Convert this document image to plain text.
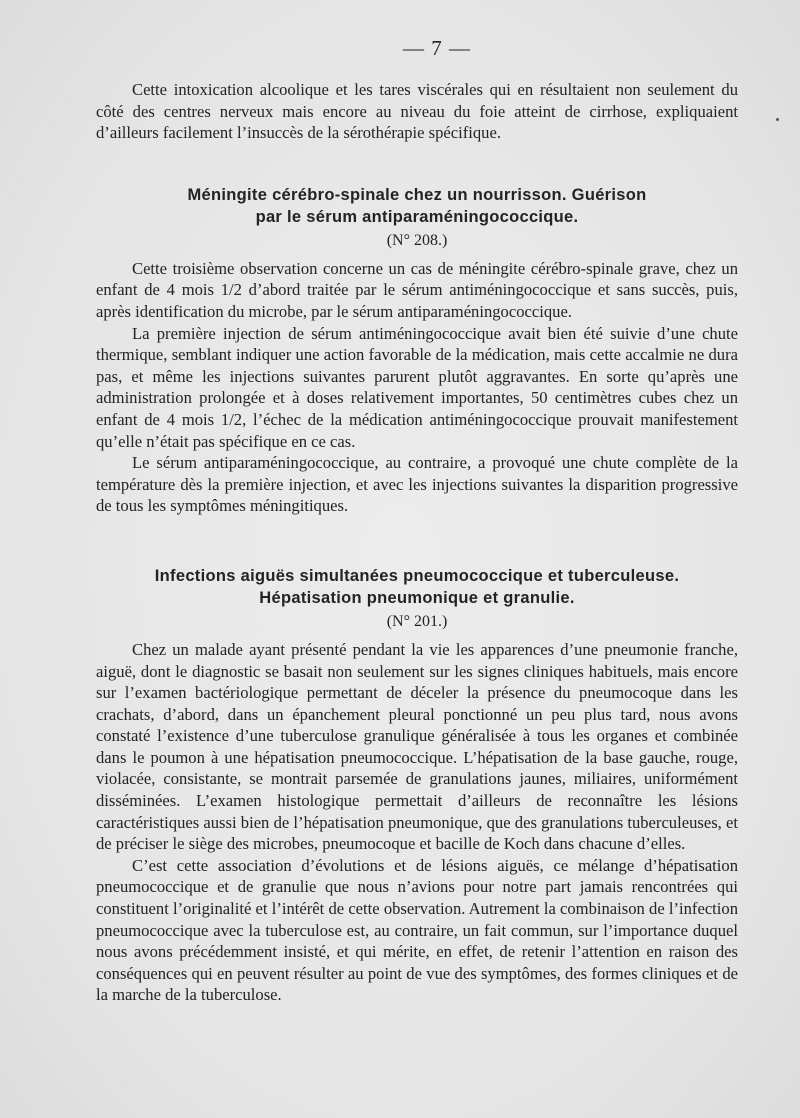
— 7 —

Cette intoxication alcoolique et les tares viscérales qui en résultaient non seulement du côté des centres nerveux mais encore au niveau du foie atteint de cirrhose, expliquaient d’ailleurs facilement l’insuccès de la sérothérapie spécifique.

Méningite cérébro-spinale chez un nourrisson. Guérison
par le sérum antiparaméningococcique.
(N° 208.)

Cette troisième observation concerne un cas de méningite cérébro-spinale grave, chez un enfant de 4 mois 1/2 d’abord traitée par le sérum antiméningococcique et sans succès, puis, après identification du microbe, par le sérum antiparaméningococcique.

La première injection de sérum antiméningococcique avait bien été suivie d’une chute thermique, semblant indiquer une action favorable de la médication, mais cette accalmie ne dura pas, et même les injections suivantes parurent plutôt aggravantes. En sorte qu’après une administration prolongée et à doses relativement importantes, 50 centimètres cubes chez un enfant de 4 mois 1/2, l’échec de la médication antiméningococcique prouvait manifestement qu’elle n’était pas spécifique en ce cas.

Le sérum antiparaméningococcique, au contraire, a provoqué une chute complète de la température dès la première injection, et avec les injections suivantes la disparition progressive de tous les symptômes méningitiques.

Infections aiguës simultanées pneumococcique et tuberculeuse.
Hépatisation pneumonique et granulie.
(N° 201.)

Chez un malade ayant présenté pendant la vie les apparences d’une pneumonie franche, aiguë, dont le diagnostic se basait non seulement sur les signes cliniques habituels, mais encore sur l’examen bactériologique permettant de déceler la présence du pneumocoque dans les crachats, d’abord, dans un épanchement pleural ponctionné un peu plus tard, nous avons constaté l’existence d’une tuberculose granulique généralisée à tous les organes et combinée dans le poumon à une hépatisation pneumococcique. L’hépatisation de la base gauche, rouge, violacée, consistante, se montrait parsemée de granulations jaunes, miliaires, uniformément disséminées. L’examen histologique permettait d’ailleurs de reconnaître les lésions caractéristiques aussi bien de l’hépatisation pneumonique, que des granulations tuberculeuses, et de préciser le siège des microbes, pneumocoque et bacille de Koch dans chacune d’elles.

C’est cette association d’évolutions et de lésions aiguës, ce mélange d’hépatisation pneumococcique et de granulie que nous n’avions pour notre part jamais rencontrées qui constituent l’originalité et l’intérêt de cette observation. Autrement la combinaison de l’infection pneumococcique avec la tuberculose est, au contraire, un fait commun, sur l’importance duquel nous avons précédemment insisté, et qui mérite, en effet, de retenir l’attention en raison des conséquences qui en peuvent résulter au point de vue des symptômes, des formes cliniques et de la marche de la tuberculose.
